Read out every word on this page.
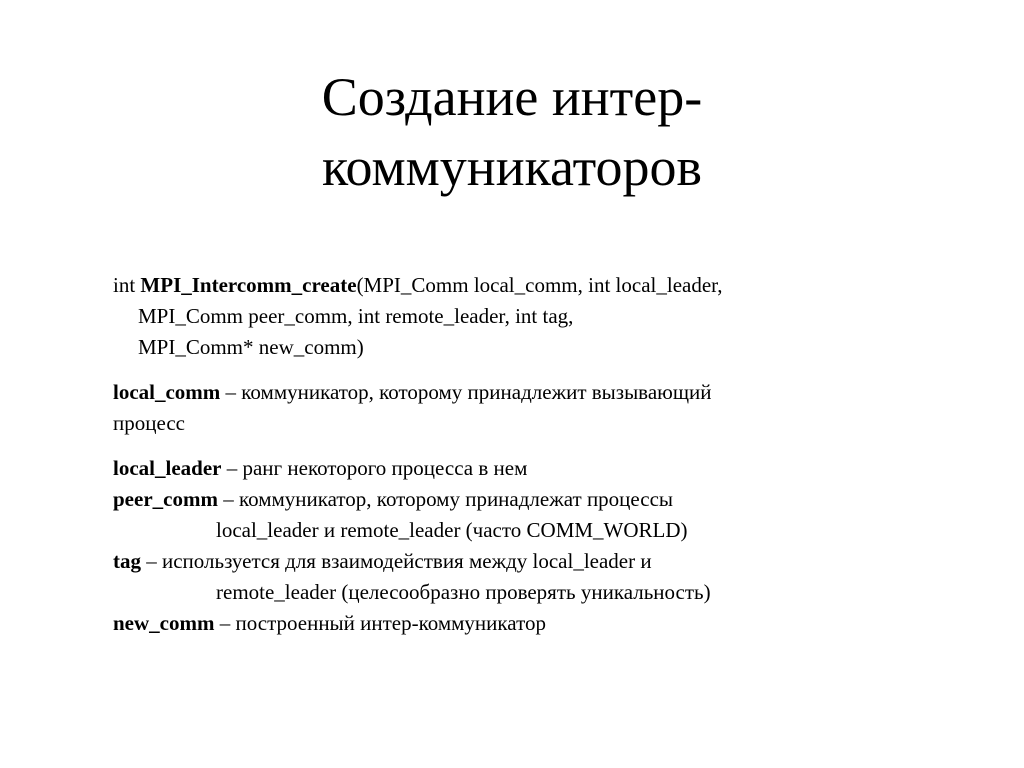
Создание интер-
коммуникаторов
int MPI_Intercomm_create(MPI_Comm local_comm, int local_leader,
MPI_Comm peer_comm, int remote_leader, int tag,
MPI_Comm* new_comm)
local_comm – коммуникатор, которому принадлежит вызывающий
процесс
local_leader – ранг некоторого процесса в нем
peer_comm – коммуникатор, которому принадлежат процессы
local_leader и remote_leader (часто COMM_WORLD)
tag – используется для взаимодействия между local_leader и
remote_leader (целесообразно проверять уникальность)
new_comm – построенный интер-коммуникатор
